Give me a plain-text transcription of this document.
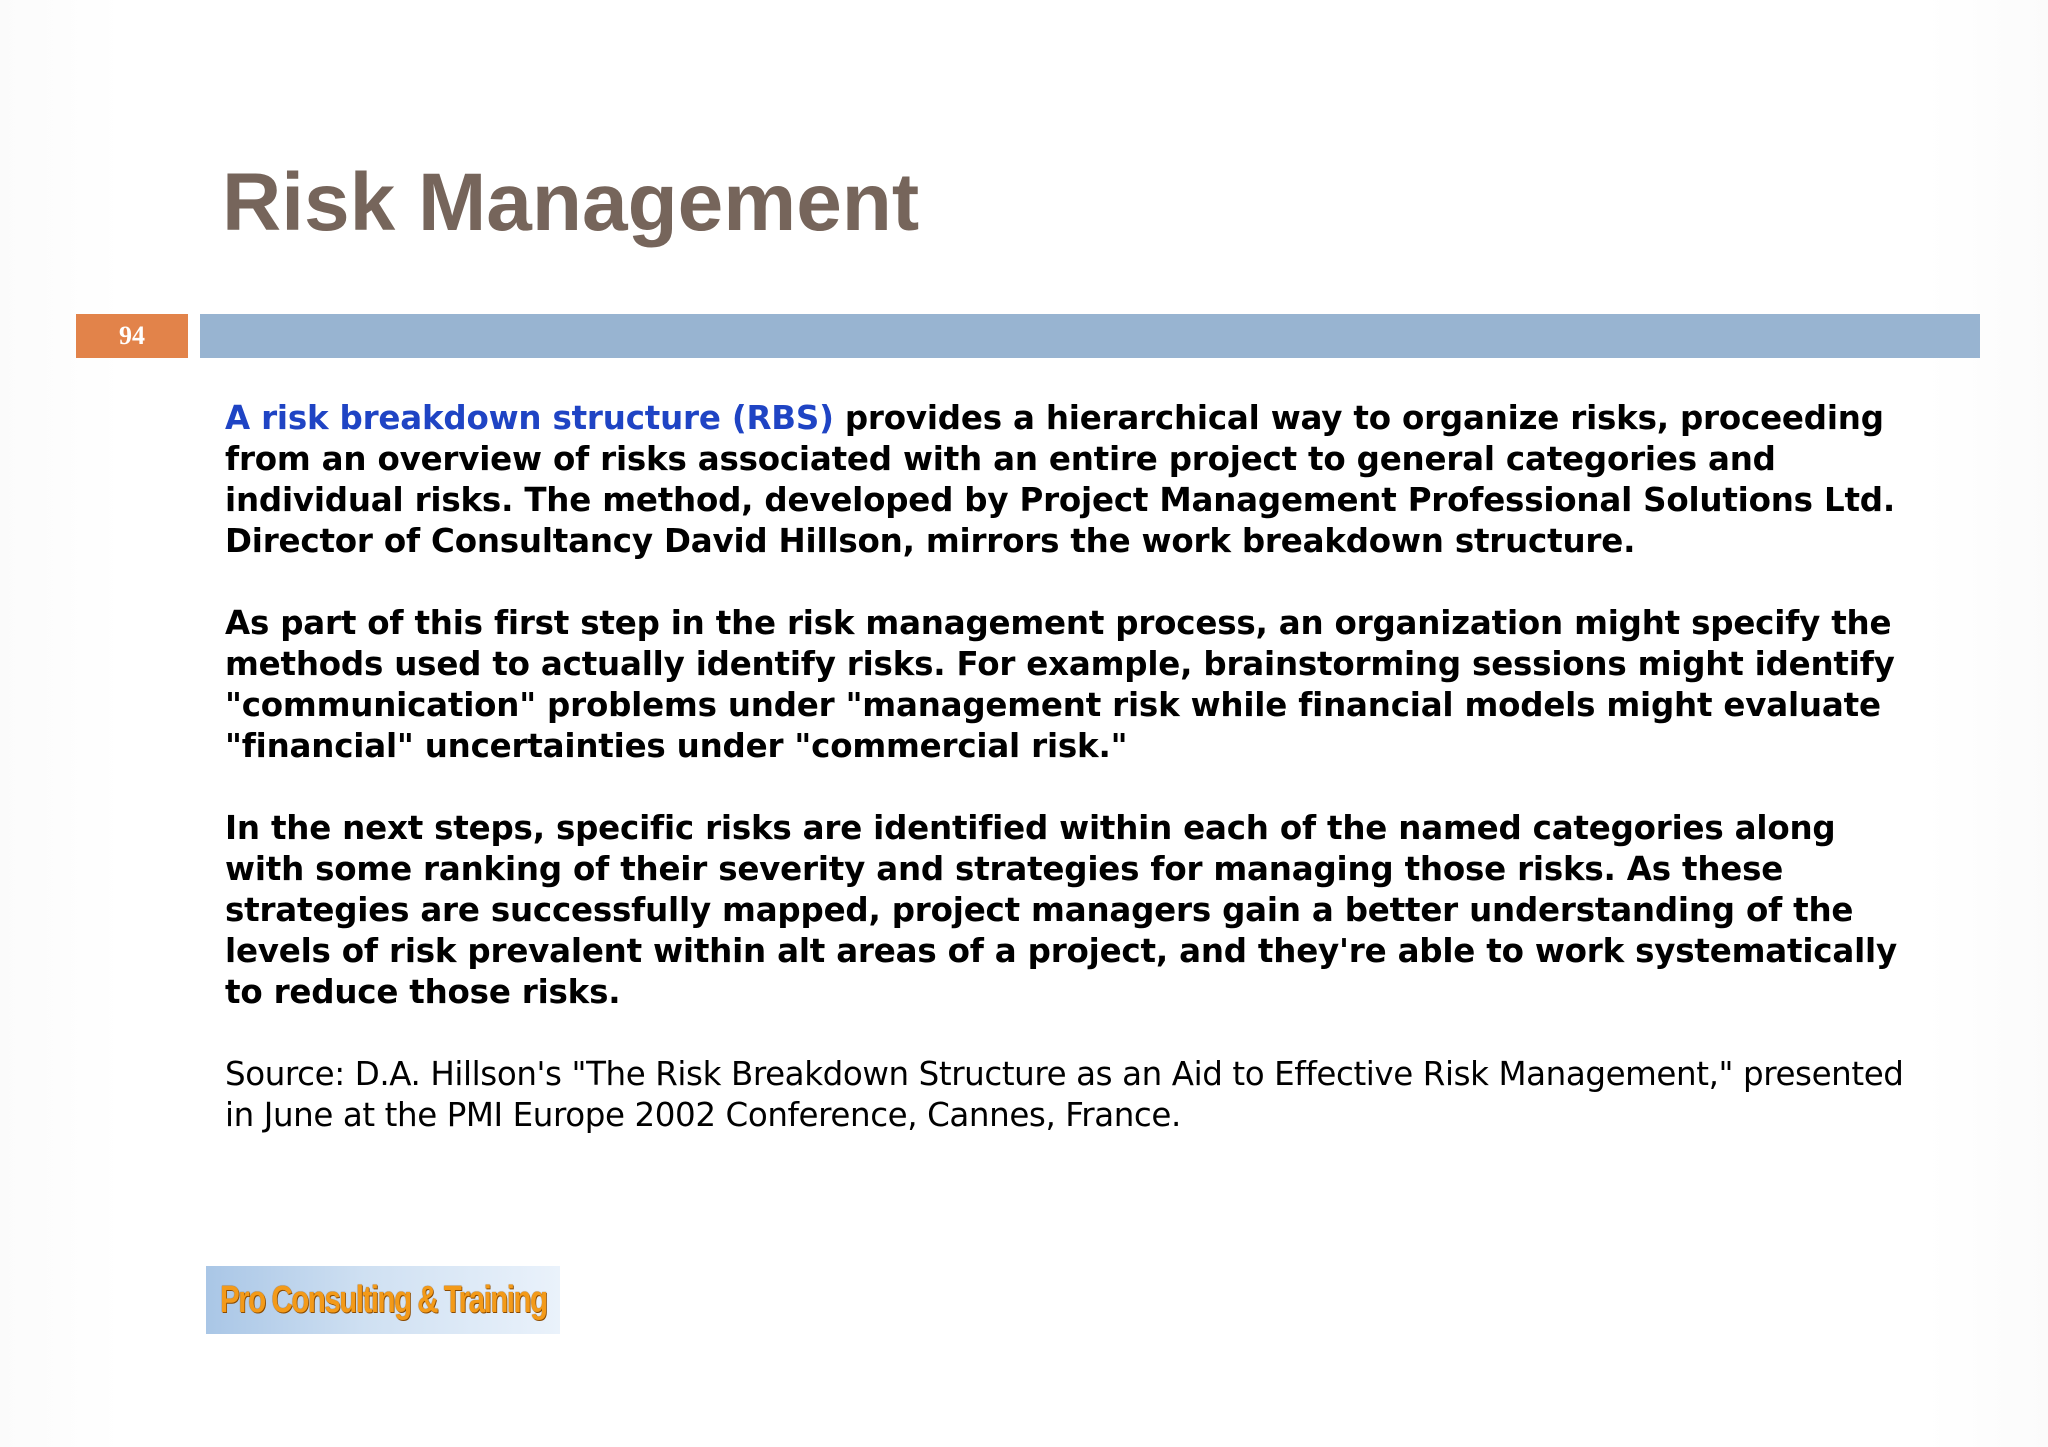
Risk Management
94

A risk breakdown structure (RBS) provides a hierarchical way to organize risks, proceeding from an overview of risks associated with an entire project to general categories and individual risks. The method, developed by Project Management Professional Solutions Ltd. Director of Consultancy David Hillson, mirrors the work breakdown structure.

As part of this first step in the risk management process, an organization might specify the methods used to actually identify risks. For example, brainstorming sessions might identify "communication" problems under "management risk while financial models might evaluate "financial" uncertainties under "commercial risk."

In the next steps, specific risks are identified within each of the named categories along with some ranking of their severity and strategies for managing those risks. As these strategies are successfully mapped, project managers gain a better understanding of the levels of risk prevalent within alt areas of a project, and they're able to work systematically to reduce those risks.

Source: D.A. Hillson's "The Risk Breakdown Structure as an Aid to Effective Risk Management," presented in June at the PMI Europe 2002 Conference, Cannes, France.

Pro Consulting & Training
